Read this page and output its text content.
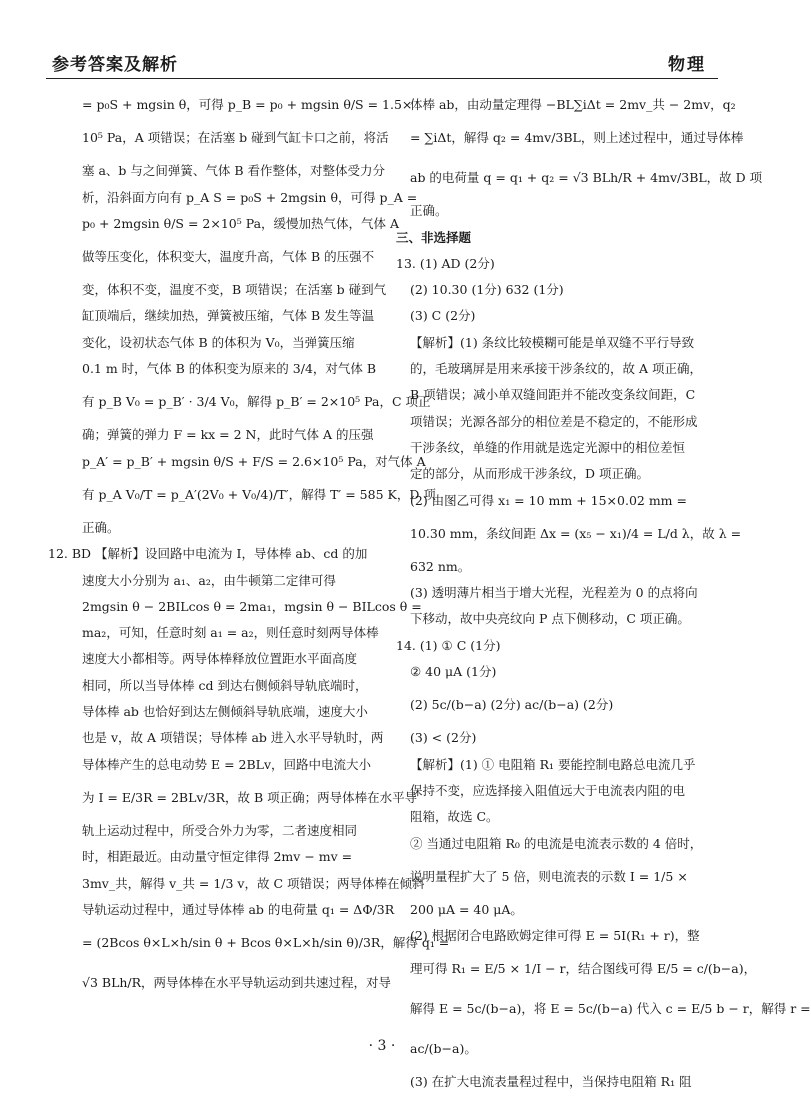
参考答案及解析	物理
= p₀S + mgsin θ，可得 p_B = p₀ + mgsin θ/S = 1.5×
10⁵ Pa，A 项错误；在活塞 b 碰到气缸卡口之前，将活
塞 a、b 与之间弹簧、气体 B 看作整体，对整体受力分
析，沿斜面方向有 p_A S = p₀S + 2mgsin θ，可得 p_A =
p₀ + 2mgsin θ/S = 2×10⁵ Pa，缓慢加热气体，气体 A
做等压变化，体积变大，温度升高，气体 B 的压强不
变，体积不变，温度不变，B 项错误；在活塞 b 碰到气
缸顶端后，继续加热，弹簧被压缩，气体 B 发生等温
变化，设初状态气体 B 的体积为 V₀，当弹簧压缩
0.1 m 时，气体 B 的体积变为原来的 3/4，对气体 B
有 p_B V₀ = p_B′ · 3/4 V₀，解得 p_B′ = 2×10⁵ Pa，C 项正
确；弹簧的弹力 F = kx = 2 N，此时气体 A 的压强
p_A′ = p_B′ + mgsin θ/S + F/S = 2.6×10⁵ Pa，对气体 A
有 p_A V₀/T = p_A′(2V₀ + V₀/4)/T′，解得 T′ = 585 K，D 项
正确。
12. BD 【解析】设回路中电流为 I，导体棒 ab、cd 的加
速度大小分别为 a₁、a₂，由牛顿第二定律可得
2mgsin θ − 2BILcos θ = 2ma₁，mgsin θ − BILcos θ =
ma₂，可知，任意时刻 a₁ = a₂，则任意时刻两导体棒
速度大小都相等。两导体棒释放位置距水平面高度
相同，所以当导体棒 cd 到达右侧倾斜导轨底端时，
导体棒 ab 也恰好到达左侧倾斜导轨底端，速度大小
也是 v，故 A 项错误；导体棒 ab 进入水平导轨时，两
导体棒产生的总电动势 E = 2BLv，回路中电流大小
为 I = E/3R = 2BLv/3R，故 B 项正确；两导体棒在水平导
轨上运动过程中，所受合外力为零，二者速度相同
时，相距最近。由动量守恒定律得 2mv − mv =
3mv_共，解得 v_共 = 1/3 v，故 C 项错误；两导体棒在倾斜
导轨运动过程中，通过导体棒 ab 的电荷量 q₁ = ΔΦ/3R
= (2Bcos θ×L×h/sin θ + Bcos θ×L×h/sin θ)/3R，解得 q₁ =
√3 BLh/R，两导体棒在水平导轨运动到共速过程，对导
体棒 ab，由动量定理得 −BL∑iΔt = 2mv_共 − 2mv，q₂
= ∑iΔt，解得 q₂ = 4mv/3BL，则上述过程中，通过导体棒
ab 的电荷量 q = q₁ + q₂ = √3 BLh/R + 4mv/3BL，故 D 项
正确。
三、非选择题
13. (1) AD (2分)
(2) 10.30 (1分) 632 (1分)
(3) C (2分)
【解析】(1) 条纹比较模糊可能是单双缝不平行导致
的，毛玻璃屏是用来承接干涉条纹的，故 A 项正确，
B 项错误；减小单双缝间距并不能改变条纹间距，C
项错误；光源各部分的相位差是不稳定的，不能形成
干涉条纹，单缝的作用就是选定光源中的相位差恒
定的部分，从而形成干涉条纹，D 项正确。
(2) 由图乙可得 x₁ = 10 mm + 15×0.02 mm =
10.30 mm，条纹间距 Δx = (x₅ − x₁)/4 = L/d λ，故 λ =
632 nm。
(3) 透明薄片相当于增大光程，光程差为 0 的点将向
下移动，故中央亮纹向 P 点下侧移动，C 项正确。
14. (1) ① C (1分)
② 40 μA (1分)
(2) 5c/(b−a) (2分) ac/(b−a) (2分)
(3) < (2分)
【解析】(1) ① 电阻箱 R₁ 要能控制电路总电流几乎
保持不变，应选择接入阻值远大于电流表内阻的电
阻箱，故选 C。
② 当通过电阻箱 R₀ 的电流是电流表示数的 4 倍时，
说明量程扩大了 5 倍，则电流表的示数 I = 1/5 ×
200 μA = 40 μA。
(2) 根据闭合电路欧姆定律可得 E = 5I(R₁ + r)，整
理可得 R₁ = E/5 × 1/I − r，结合图线可得 E/5 = c/(b−a)，
解得 E = 5c/(b−a)，将 E = 5c/(b−a) 代入 c = E/5 b − r，解得 r =
ac/(b−a)。
(3) 在扩大电流表量程过程中，当保持电阻箱 R₁ 阻
· 3 ·
